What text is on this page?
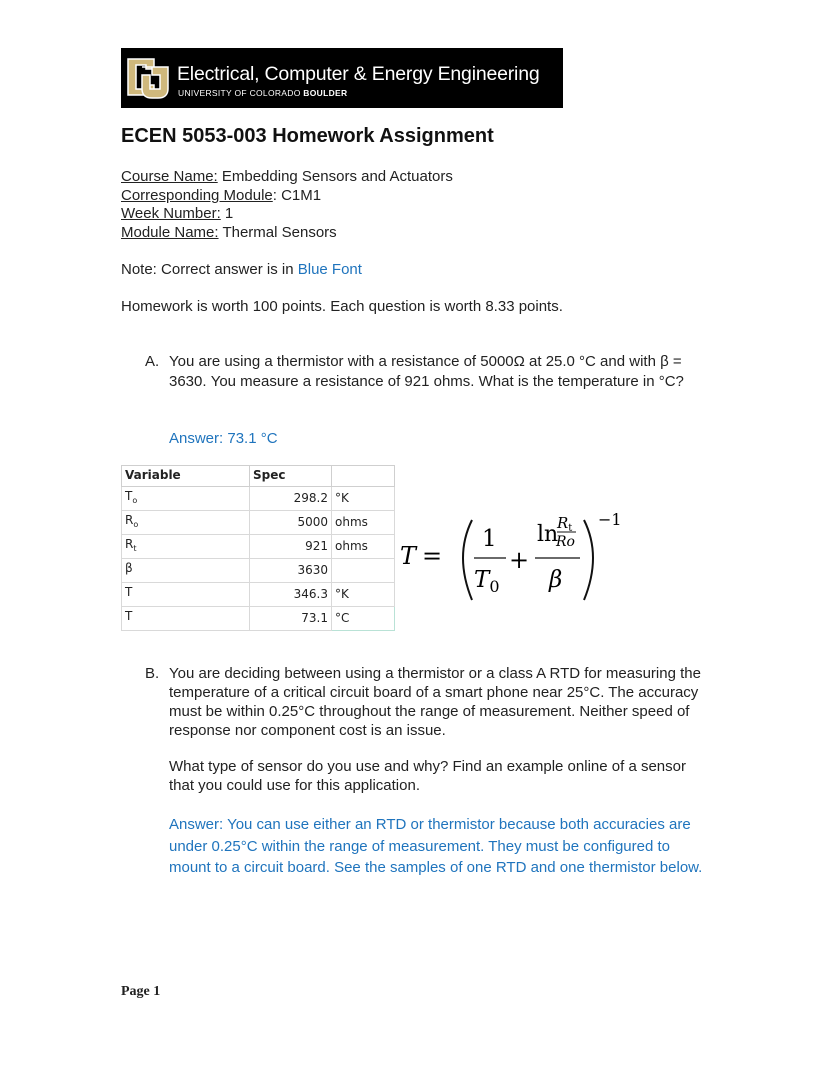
Electrical, Computer & Energy Engineering
UNIVERSITY OF COLORADO BOULDER
ECEN 5053-003 Homework Assignment
Course Name: Embedding Sensors and Actuators
Corresponding Module: C1M1
Week Number: 1
Module Name: Thermal Sensors
Note: Correct answer is in Blue Font
Homework is worth 100 points. Each question is worth 8.33 points.
A. You are using a thermistor with a resistance of 5000Ω at 25.0 °C and with β = 3630. You measure a resistance of 921 ohms. What is the temperature in °C?
Answer: 73.1 °C
Variable	Spec	
$T_o$	298.2	°K
$R_o$	5000	ohms
$R_t$	921	ohms
β	3630	
T	346.3	°K
T	73.1	°C
T =
1
$T_0$
+
ln
$R_t$
Ro
β
−1
B. You are deciding between using a thermistor or a class A RTD for measuring the temperature of a critical circuit board of a smart phone near 25°C. The accuracy must be within 0.25°C throughout the range of measurement. Neither speed of response nor component cost is an issue.
What type of sensor do you use and why? Find an example online of a sensor that you could use for this application.
Answer: You can use either an RTD or thermistor because both accuracies are under 0.25°C within the range of measurement. They must be configured to mount to a circuit board. See the samples of one RTD and one thermistor below.
Page 1
